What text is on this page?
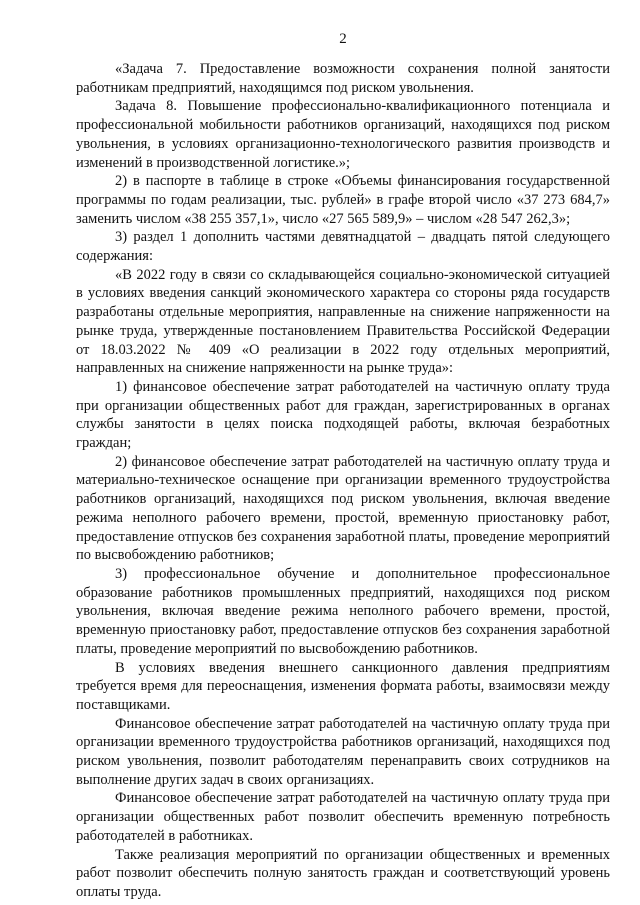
2

«Задача 7. Предоставление возможности сохранения полной занятости работникам предприятий, находящимся под риском увольнения.

Задача 8. Повышение профессионально-квалификационного потенциала и профессиональной мобильности работников организаций, находящихся под риском увольнения, в условиях организационно-технологического развития производств и изменений в производственной логистике.»;

2) в паспорте в таблице в строке «Объемы финансирования государственной программы по годам реализации, тыс. рублей» в графе второй число «37 273 684,7» заменить числом «38 255 357,1», число «27 565 589,9» – числом «28 547 262,3»;

3) раздел 1 дополнить частями девятнадцатой – двадцать пятой следующего содержания:

«В 2022 году в связи со складывающейся социально-экономической ситуацией в условиях введения санкций экономического характера со стороны ряда государств разработаны отдельные мероприятия, направленные на снижение напряженности на рынке труда, утвержденные постановлением Правительства Российской Федерации от 18.03.2022 № 409 «О реализации в 2022 году отдельных мероприятий, направленных на снижение напряженности на рынке труда»:

1) финансовое обеспечение затрат работодателей на частичную оплату труда при организации общественных работ для граждан, зарегистрированных в органах службы занятости в целях поиска подходящей работы, включая безработных граждан;

2) финансовое обеспечение затрат работодателей на частичную оплату труда и материально-техническое оснащение при организации временного трудоустройства работников организаций, находящихся под риском увольнения, включая введение режима неполного рабочего времени, простой, временную приостановку работ, предоставление отпусков без сохранения заработной платы, проведение мероприятий по высвобождению работников;

3) профессиональное обучение и дополнительное профессиональное образование работников промышленных предприятий, находящихся под риском увольнения, включая введение режима неполного рабочего времени, простой, временную приостановку работ, предоставление отпусков без сохранения заработной платы, проведение мероприятий по высвобождению работников.

В условиях введения внешнего санкционного давления предприятиям требуется время для переоснащения, изменения формата работы, взаимосвязи между поставщиками.

Финансовое обеспечение затрат работодателей на частичную оплату труда при организации временного трудоустройства работников организаций, находящихся под риском увольнения, позволит работодателям перенаправить своих сотрудников на выполнение других задач в своих организациях.

Финансовое обеспечение затрат работодателей на частичную оплату труда при организации общественных работ позволит обеспечить временную потребность работодателей в работниках.

Также реализация мероприятий по организации общественных и временных работ позволит обеспечить полную занятость граждан и соответствующий уровень оплаты труда.
